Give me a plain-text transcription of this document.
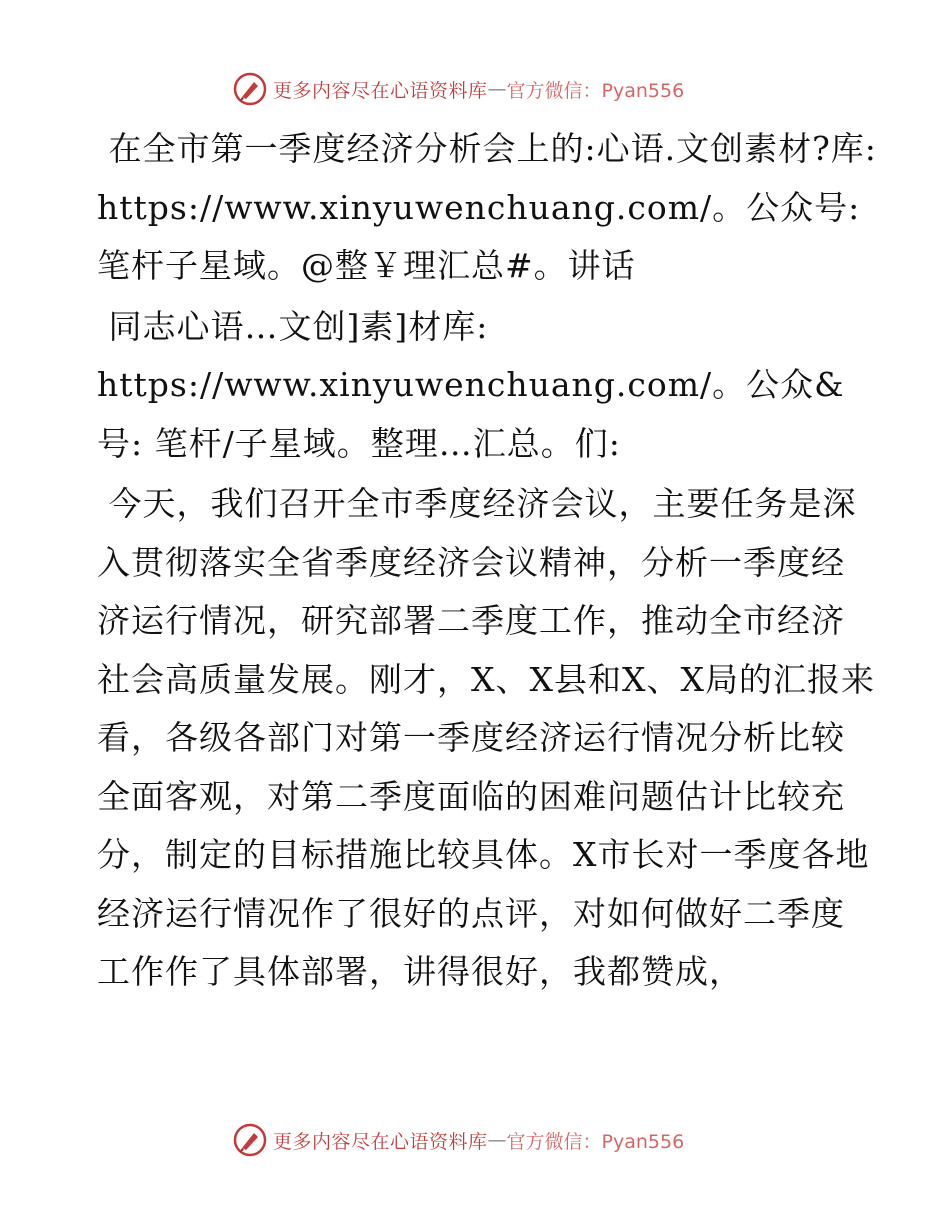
更多内容尽在心语资料库 — 官方微信：Pyan556

在全市第一季度经济分析会上的:心语.文创素材?库: https://www.xinyuwenchuang.com/。公众号: 笔杆子星域。@整￥理汇总#。讲话

同志心语…文创]素]材库: https://www.xinyuwenchuang.com/。公众&号: 笔杆/子星域。整理…汇总。们:

今天，我们召开全市季度经济会议，主要任务是深入贯彻落实全省季度经济会议精神，分析一季度经济运行情况，研究部署二季度工作，推动全市经济社会高质量发展。刚才，X、X县和X、X局的汇报来看，各级各部门对第一季度经济运行情况分析比较全面客观，对第二季度面临的困难问题估计比较充分，制定的目标措施比较具体。X市长对一季度各地经济运行情况作了很好的点评，对如何做好二季度工作作了具体部署，讲得很好，我都赞成，

更多内容尽在心语资料库 — 官方微信：Pyan556
